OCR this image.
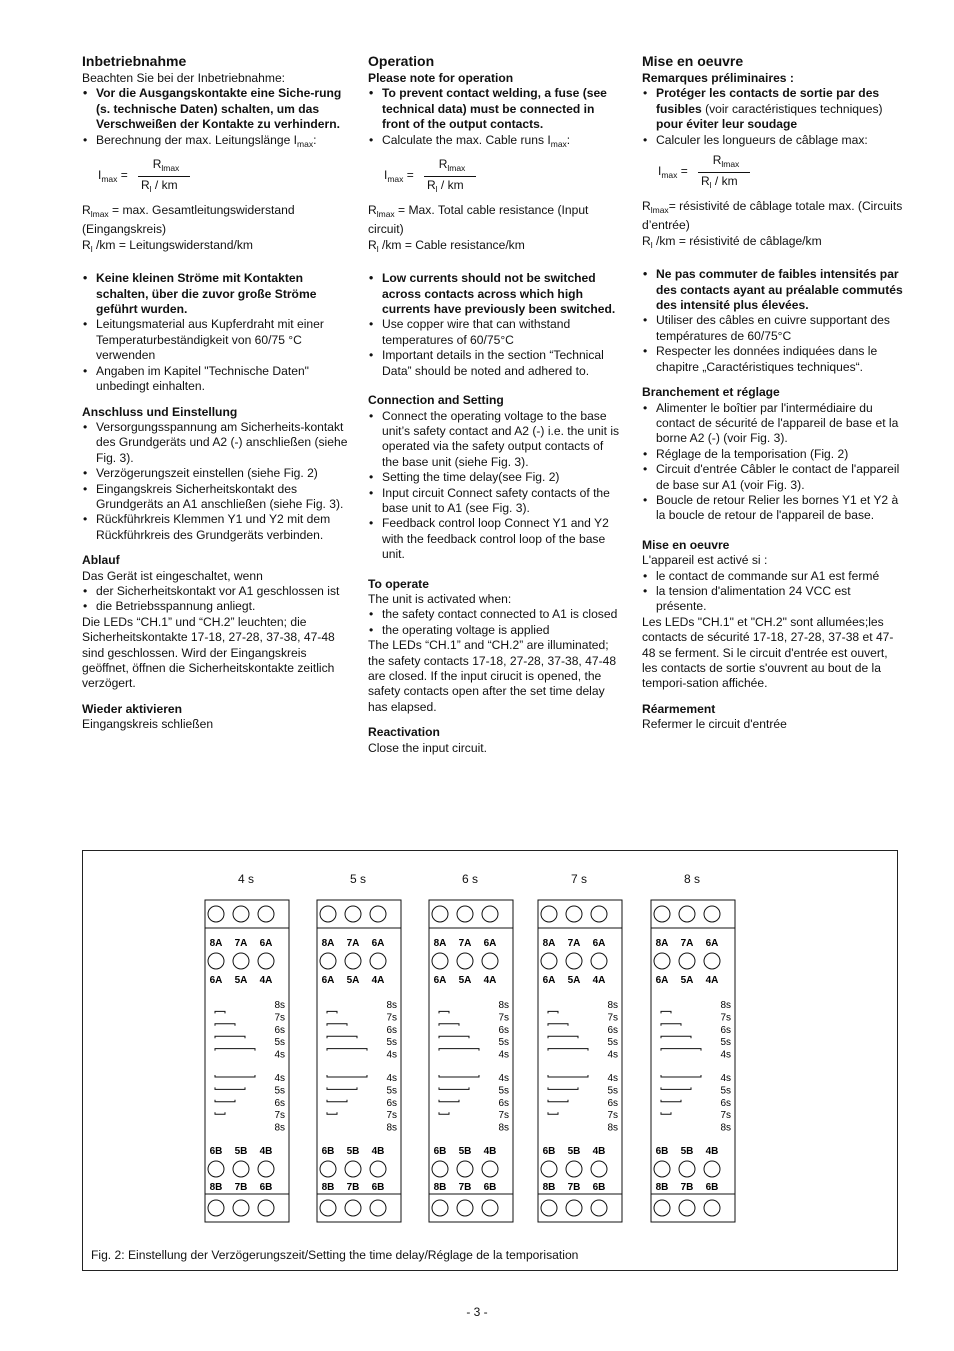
Inbetriebnahme

Beachten Sie bei der Inbetriebnahme:

• Vor die Ausgangskontakte eine Siche-rung (s. technische Daten) schalten, um das Verschweißen der Kontakte zu verhindern.
• Berechnung der max. Leitungslänge $I_{max}$:
$I_{max}$ =
$R_{lmax}$
$R_l$ / km

$R_{lmax} = \max$. Gesamtleitungswiderstand (Eingangskreis)

$R_l$ /km = Leitungswiderstand/km

• Keine kleinen Ströme mit Kontakten schalten, über die zuvor große Ströme geführt wurden.
• Leitungsmaterial aus Kupferdraht mit einer Temperaturbeständigkeit von 60/75 °C verwenden
• Angaben im Kapitel "Technische Daten" unbedingt einhalten.
Anschluss und Einstellung
• Versorgungsspannung am Sicherheits-kontakt des Grundgeräts und A2 (-) anschließen (siehe Fig. 3).
• Verzögerungszeit einstellen (siehe Fig. 2)
• Eingangskreis Sicherheitskontakt des Grundgeräts an A1 anschließen (siehe Fig. 3).
• Rückführkreis Klemmen Y1 und Y2 mit dem Rückführkreis des Grundgeräts verbinden.
Ablauf

Das Gerät ist eingeschaltet, wenn

• der Sicherheitskontakt vor A1 geschlossen ist
• die Betriebsspannung anliegt.

Die LEDs “CH.1” und “CH.2” leuchten; die Sicherheitskontakte 17-18, 27-28, 37-38, 47-48 sind geschlossen. Wird der Eingangskreis geöffnet, öffnen die Sicherheitskontakte zeitlich verzögert.

Wieder aktivieren

Eingangskreis schließen

Operation

Please note for operation

• To prevent contact welding, a fuse (see technical data) must be connected in front of the output contacts.
• Calculate the max. Cable runs $I_{max}$:
$I_{max}$ =
$R_{lmax}$
$R_l$ / km

$R_{lmax}$ = Max. Total cable resistance (Input circuit)

$R_l$ /km = Cable resistance/km

• Low currents should not be switched across contacts across which high currents have previously been switched.
• Use copper wire that can withstand temperatures of 60/75°C
• Important details in the section “Technical Data” should be noted and adhered to.
Connection and Setting
• Connect the operating voltage to the base unit’s safety contact and A2 (-) i.e. the unit is operated via the safety output contacts of the base unit (siehe Fig. 3).
• Setting the time delay(see Fig. 2)
• Input circuit Connect safety contacts of the base unit to A1 (see Fig. 3).
• Feedback control loop Connect Y1 and Y2 with the feedback control loop of the base unit.
To operate

The unit is activated when:

• the safety contact connected to A1 is closed
• the operating voltage is applied

The LEDs “CH.1” and “CH.2” are illuminated; the safety contacts 17-18, 27-28, 37-38, 47-48 are closed. If the input cirucit is opened, the safety contacts open after the set time delay has elapsed.

Reactivation

Close the input circuit.

Mise en oeuvre

Remarques préliminaires :

• Protéger les contacts de sortie par des fusibles (voir caractéristiques techniques) pour éviter leur soudage
• Calculer les longueurs de câblage max:
$I_{max}$ =
$R_{lmax}$
$R_l$ / km

$R_{lmax}=$ résistivité de câblage totale max. (Circuits d’entrée)

$R_l$ /km = résistivité de câblage/km

• Ne pas commuter de faibles intensités par des contacts ayant au préalable commutés des intensité plus élevées.
• Utiliser des câbles en cuivre supportant des températures de 60/75°C
• Respecter les données indiquées dans le chapitre „Caractéristiques techniques“.
Branchement et réglage
• Alimenter le boîtier par l'intermédiaire du contact de sécurité de l'appareil de base et la borne A2 (-) (voir Fig. 3).
• Réglage de la temporisation (Fig. 2)
• Circuit d'entrée Câbler le contact de l'appareil de base sur A1 (voir Fig. 3).
• Boucle de retour Relier les bornes Y1 et Y2 à la boucle de retour de l'appareil de base.
Mise en oeuvre

L'appareil est activé si :

• le contact de commande sur A1 est fermé
• la tension d'alimentation 24 VCC est présente.

Les LEDs "CH.1" et "CH.2" sont allumées;les contacts de sécurité 17-18, 27-28, 37-38 et 47-48 se ferment. Si le circuit d'entrée est ouvert, les contacts de sortie s'ouvrent au bout de la tempori-sation affichée.

Réarmement

Refermer le circuit d'entrée

4 s
8A 7A 6A
6A 5A 4A
8s
7s
6s
5s
4s
4s
5s
6s
7s
8s
6B 5B 4B
8B 7B 6B
5 s
8A 7A 6A
6A 5A 4A
8s
7s
6s
5s
4s
4s
5s
6s
7s
8s
6B 5B 4B
8B 7B 6B
6 s
8A 7A 6A
6A 5A 4A
8s
7s
6s
5s
4s
4s
5s
6s
7s
8s
6B 5B 4B
8B 7B 6B
7 s
8A 7A 6A
6A 5A 4A
8s
7s
6s
5s
4s
4s
5s
6s
7s
8s
6B 5B 4B
8B 7B 6B
8 s
8A 7A 6A
6A 5A 4A
8s
7s
6s
5s
4s
4s
5s
6s
7s
8s
6B 5B 4B
8B 7B 6B
Fig. 2: Einstellung der Verzögerungszeit/Setting the time delay/Réglage de la temporisation
- 3 -
